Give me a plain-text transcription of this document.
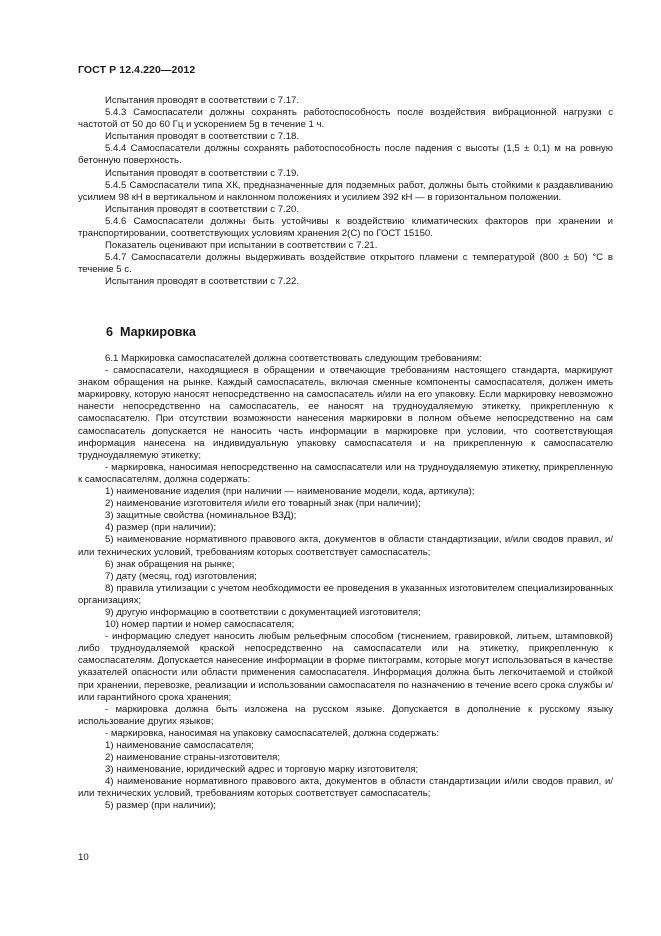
ГОСТ Р 12.4.220—2012

Испытания проводят в соответствии с 7.17.

5.4.3 Самоспасатели должны сохранять работоспособность после воздействия вибрационной нагрузки с частотой от 50 до 60 Гц и ускорением 5g в течение 1 ч.

Испытания проводят в соответствии с 7.18.

5.4.4 Самоспасатели должны сохранять работоспособность после падения с высоты (1,5 ± 0,1) м на ровную бетонную поверхность.

Испытания проводят в соответствии с 7.19.

5.4.5 Самоспасатели типа ХК, предназначенные для подземных работ, должны быть стойкими к раздавливанию усилием 98 кН в вертикальном и наклонном положениях и усилием 392 кН — в горизонтальном положении.

Испытания проводят в соответствии с 7.20.

5.4.6 Самоспасатели должны быть устойчивы к воздействию климатических факторов при хранении и транспортировании, соответствующих условиям хранения 2(С) по ГОСТ 15150.

Показатель оценивают при испытании в соответствии с 7.21.

5.4.7 Самоспасатели должны выдерживать воздействие открытого пламени с температурой (800 ± 50) °С в течение 5 с.

Испытания проводят в соответствии с 7.22.

6 Маркировка

6.1 Маркировка самоспасателей должна соответствовать следующим требованиям:

- самоспасатели, находящиеся в обращении и отвечающие требованиям настоящего стандарта, маркируют знаком обращения на рынке. Каждый самоспасатель, включая сменные компоненты самоспасателя, должен иметь маркировку, которую наносят непосредственно на самоспасатель и/или на его упаковку. Если маркировку невозможно нанести непосредственно на самоспасатель, ее наносят на трудноудаляемую этикетку, прикрепленную к самоспасателю. При отсутствии возможности нанесения маркировки в полном объеме непосредственно на сам самоспасатель допускается не наносить часть информации в маркировке при условии, что соответствующая информация нанесена на индивидуальную упаковку самоспасателя и на прикрепленную к самоспасателю трудноудаляемую этикетку;

- маркировка, наносимая непосредственно на самоспасатели или на трудноудаляемую этикетку, прикрепленную к самоспасателям, должна содержать:

1) наименование изделия (при наличии — наименование модели, кода, артикула);

2) наименование изготовителя и/или его товарный знак (при наличии);

3) защитные свойства (номинальное ВЗД);

4) размер (при наличии);

5) наименование нормативного правового акта, документов в области стандартизации, и/или сводов правил, и/или технических условий, требованиям которых соответствует самоспасатель;

6) знак обращения на рынке;

7) дату (месяц, год) изготовления;

8) правила утилизации с учетом необходимости ее проведения в указанных изготовителем специализированных организациях;

9) другую информацию в соответствии с документацией изготовителя;

10) номер партии и номер самоспасателя;

- информацию следует наносить любым рельефным способом (тиснением, гравировкой, литьем, штамповкой) либо трудноудаляемой краской непосредственно на самоспасатели или на этикетку, прикрепленную к самоспасателям. Допускается нанесение информации в форме пиктограмм, которые могут использоваться в качестве указателей опасности или области применения самоспасателя. Информация должна быть легкочитаемой и стойкой при хранении, перевозке, реализации и использовании самоспасателя по назначению в течение всего срока службы и/или гарантийного срока хранения;

- маркировка должна быть изложена на русском языке. Допускается в дополнение к русскому языку использование других языков;

- маркировка, наносимая на упаковку самоспасателей, должна содержать:

1) наименование самоспасателя;

2) наименование страны-изготовителя;

3) наименование, юридический адрес и торговую марку изготовителя;

4) наименование нормативного правового акта, документов в области стандартизации и/или сводов правил, и/или технических условий, требованиям которых соответствует самоспасатель;

5) размер (при наличии);

10
